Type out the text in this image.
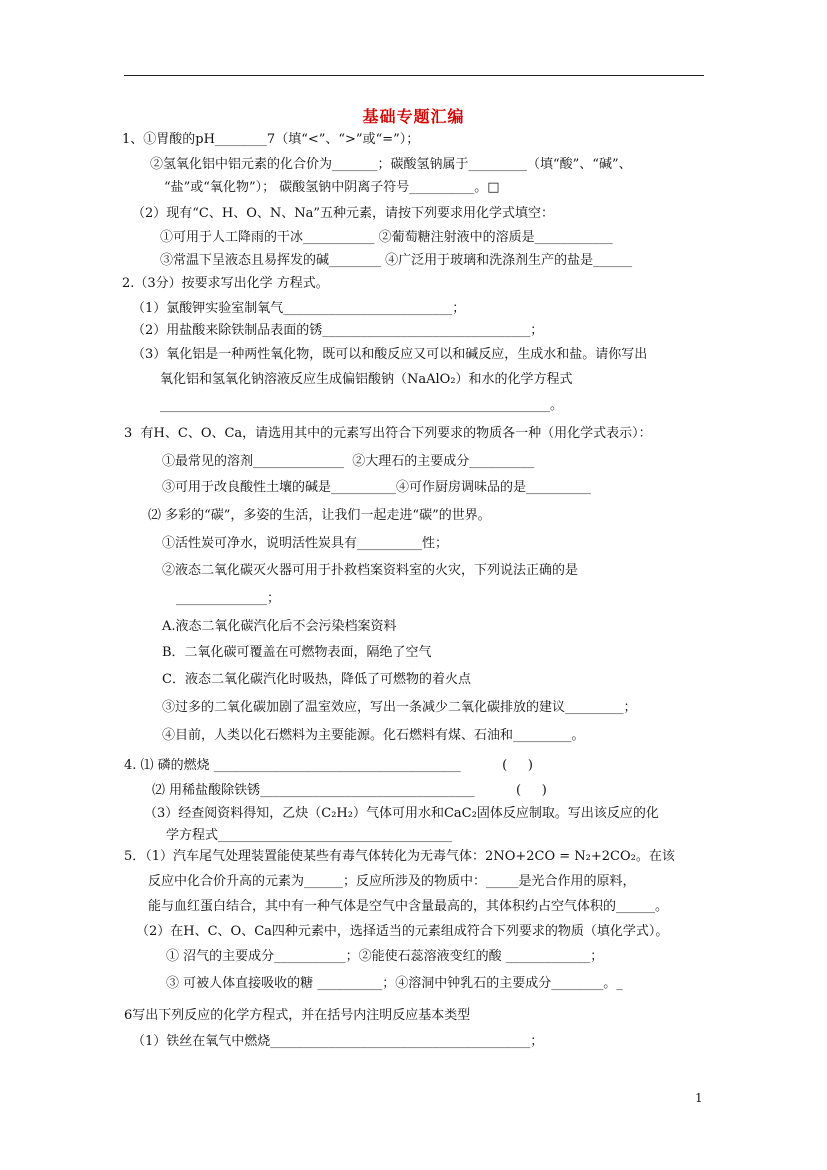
基础专题汇编
1、①胃酸的pH________7（填“<”、“>”或“=”）；
②氢氧化铝中铝元素的化合价为_______；碳酸氢钠属于_________（填“酸”、“碱”、
“盐”或“氧化物”）； 碳酸氢钠中阴离子符号__________。□
（2）现有“C、H、O、N、Na”五种元素，请按下列要求用化学式填空：
①可用于人工降雨的干冰___________ ②葡萄糖注射液中的溶质是____________
③常温下呈液态且易挥发的碱________ ④广泛用于玻璃和洗涤剂生产的盐是______
2.（3分）按要求写出化学 方程式。
（1）氯酸钾实验室制氧气__________________________；
（2）用盐酸来除铁制品表面的锈________________________________；
（3）氧化铝是一种两性氧化物，既可以和酸反应又可以和碱反应，生成水和盐。请你写出
氧化铝和氢氧化钠溶液反应生成偏铝酸钠（NaAlO₂）和水的化学方程式
____________________________________________________________。
3  有H、C、O、Ca，请选用其中的元素写出符合下列要求的物质各一种（用化学式表示）：
①最常见的溶剂______________  ②大理石的主要成分__________
③可用于改良酸性土壤的碱是__________④可作厨房调味品的是__________
⑵ 多彩的“碳”，多姿的生活，让我们一起走进“碳”的世界。
①活性炭可净水，说明活性炭具有__________性；
②液态二氧化碳灭火器可用于扑救档案资料室的火灾，下列说法正确的是
______________；
A.液态二氧化碳汽化后不会污染档案资料
B．二氧化碳可覆盖在可燃物表面，隔绝了空气
C．液态二氧化碳汽化时吸热，降低了可燃物的着火点
③过多的二氧化碳加剧了温室效应，写出一条减少二氧化碳排放的建议_________；
④目前，人类以化石燃料为主要能源。化石燃料有煤、石油和_________。
4. ⑴ 磷的燃烧 ______________________________________          (     )
⑵ 用稀盐酸除铁锈_________________________________          (     )
（3）经查阅资料得知，乙炔（C₂H₂）气体可用水和CaC₂固体反应制取。写出该反应的化
学方程式____________________________________
5．（1）汽车尾气处理装置能使某些有毒气体转化为无毒气体：2NO+2CO = N₂+2CO₂。在该
反应中化合价升高的元素为______；反应所涉及的物质中：_____是光合作用的原料，
能与血红蛋白结合，其中有一种气体是空气中含量最高的，其体积约占空气体积的______。
（2）在H、C、O、Ca四种元素中，选择适当的元素组成符合下列要求的物质（填化学式）。
① 沼气的主要成分___________；②能使石蕊溶液变红的酸 _____________；
③ 可被人体直接吸收的糖 __________；④溶洞中钟乳石的主要成分________。_
6写出下列反应的化学方程式，并在括号内注明反应基本类型
（1）铁丝在氧气中燃烧________________________________________；
1
